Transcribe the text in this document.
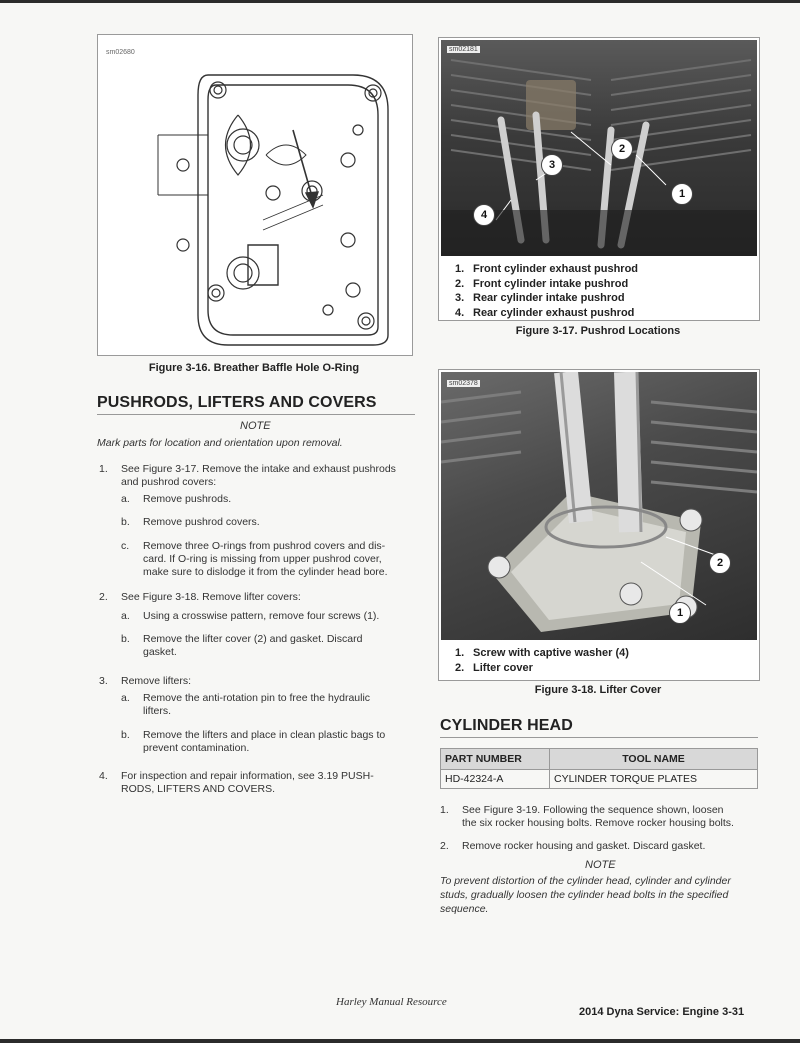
sm02680
Figure 3-16. Breather Baffle Hole O-Ring
PUSHRODS, LIFTERS AND COVERS
NOTE
Mark parts for location and orientation upon removal.
1. See Figure 3-17. Remove the intake and exhaust pushrods
and pushrod covers:
a. Remove pushrods.
b. Remove pushrod covers.
c. Remove three O-rings from pushrod covers and dis-
card. If O-ring is missing from upper pushrod cover,
make sure to dislodge it from the cylinder head bore.
2. See Figure 3-18. Remove lifter covers:
a. Using a crosswise pattern, remove four screws (1).
b. Remove the lifter cover (2) and gasket. Discard
gasket.
3. Remove lifters:
a. Remove the anti-rotation pin to free the hydraulic
lifters.
b. Remove the lifters and place in clean plastic bags to
prevent contamination.
4. For inspection and repair information, see 3.19 PUSH-
RODS, LIFTERS AND COVERS.
sm02181
1
2
3
4
1. Front cylinder exhaust pushrod
2. Front cylinder intake pushrod
3. Rear cylinder intake pushrod
4. Rear cylinder exhaust pushrod
Figure 3-17. Pushrod Locations
sm02378
1
2
1. Screw with captive washer (4)
2. Lifter cover
Figure 3-18. Lifter Cover
CYLINDER HEAD
PART NUMBER	TOOL NAME
HD-42324-A	CYLINDER TORQUE PLATES
1. See Figure 3-19. Following the sequence shown, loosen
the six rocker housing bolts. Remove rocker housing bolts.
2. Remove rocker housing and gasket. Discard gasket.
NOTE
To prevent distortion of the cylinder head, cylinder and cylinder
studs, gradually loosen the cylinder head bolts in the specified
sequence.
Harley Manual Resource
2014 Dyna Service: Engine 3-31
